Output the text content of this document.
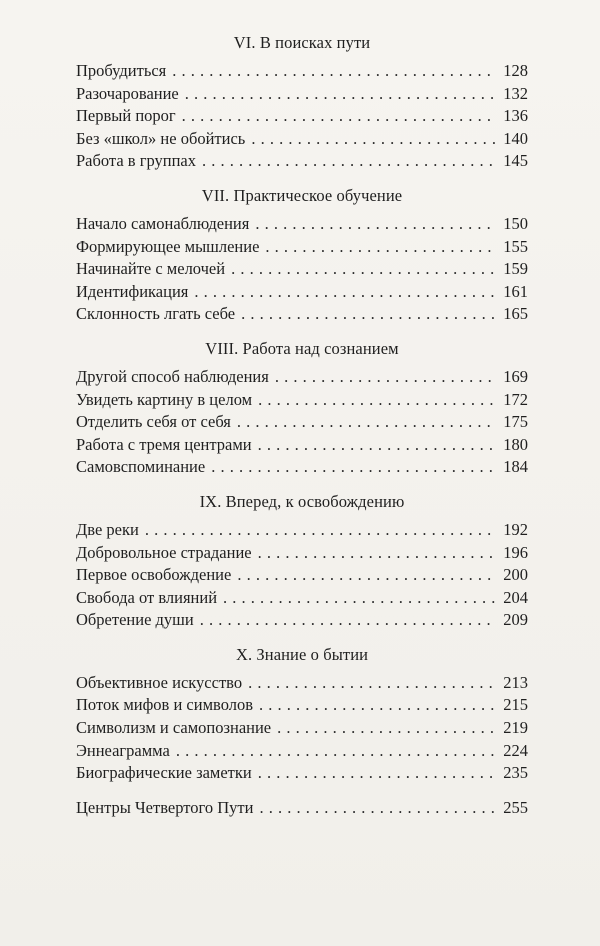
VI. В поисках пути
Пробудиться . . .	128
Разочарование . . .	132
Первый порог . . .	136
Без «школ» не обойтись . . .	140
Работа в группах . . .	145
VII. Практическое обучение
Начало самонаблюдения . . .	150
Формирующее мышление . . .	155
Начинайте с мелочей . . .	159
Идентификация . . .	161
Склонность лгать себе . . .	165
VIII. Работа над сознанием
Другой способ наблюдения . . .	169
Увидеть картину в целом . . .	172
Отделить себя от себя . . .	175
Работа с тремя центрами . . .	180
Самовспоминание . . .	184
IX. Вперед, к освобождению
Две реки . . .	192
Добровольное страдание . . .	196
Первое освобождение . . .	200
Свобода от влияний . . .	204
Обретение души . . .	209
X. Знание о бытии
Объективное искусство . . .	213
Поток мифов и символов . . .	215
Символизм и самопознание . . .	219
Эннеаграмма . . .	224
Биографические заметки . . .	235
Центры Четвертого Пути . . .	255
